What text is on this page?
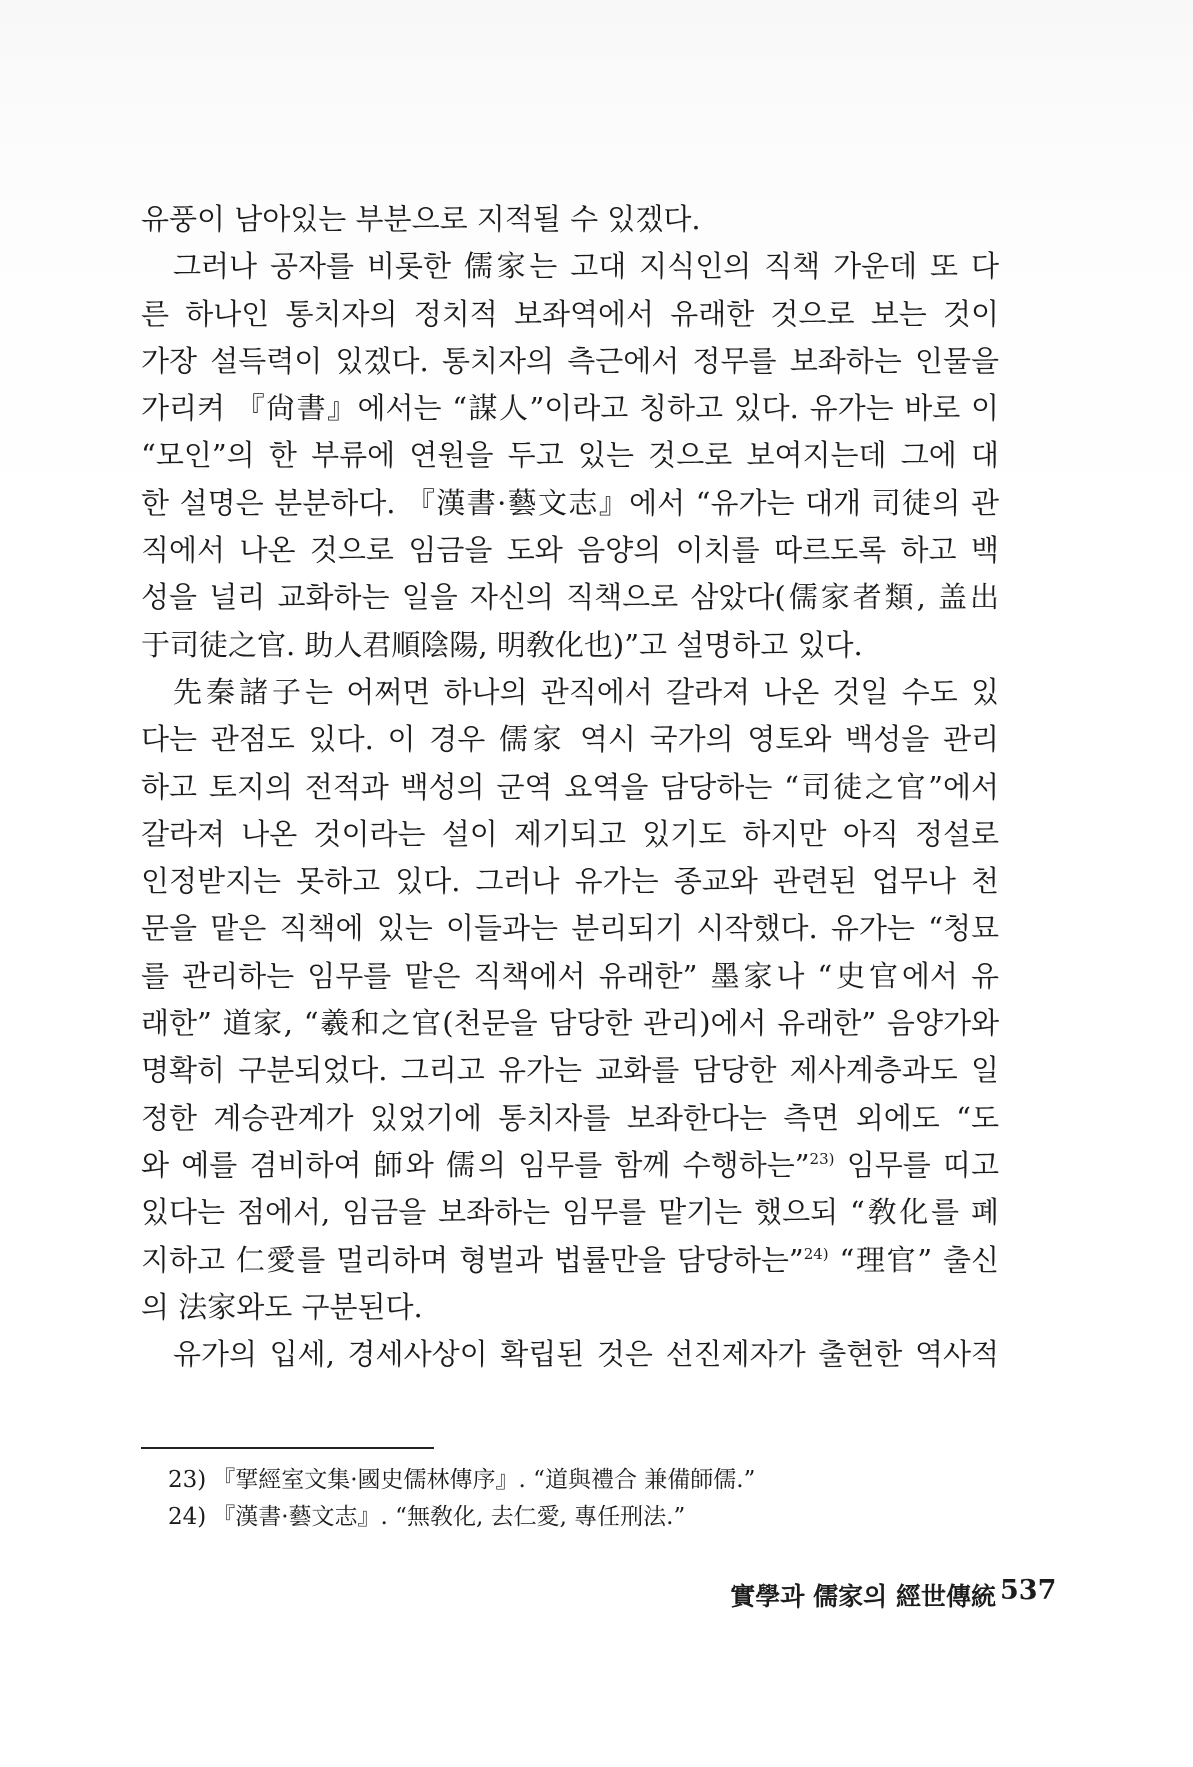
유풍이 남아있는 부분으로 지적될 수 있겠다.
그러나 공자를 비롯한 儒家는 고대 지식인의 직책 가운데 또 다
른 하나인 통치자의 정치적 보좌역에서 유래한 것으로 보는 것이
가장 설득력이 있겠다. 통치자의 측근에서 정무를 보좌하는 인물을
가리켜 『尙書』에서는 “謀人”이라고 칭하고 있다. 유가는 바로 이
“모인”의 한 부류에 연원을 두고 있는 것으로 보여지는데 그에 대
한 설명은 분분하다. 『漢書·藝文志』에서 “유가는 대개 司徒의 관
직에서 나온 것으로 임금을 도와 음양의 이치를 따르도록 하고 백
성을 널리 교화하는 일을 자신의 직책으로 삼았다(儒家者類, 盖出
于司徒之官. 助人君順陰陽, 明敎化也)”고 설명하고 있다.
先秦諸子는 어쩌면 하나의 관직에서 갈라져 나온 것일 수도 있
다는 관점도 있다. 이 경우 儒家 역시 국가의 영토와 백성을 관리
하고 토지의 전적과 백성의 군역 요역을 담당하는 “司徒之官”에서
갈라져 나온 것이라는 설이 제기되고 있기도 하지만 아직 정설로
인정받지는 못하고 있다. 그러나 유가는 종교와 관련된 업무나 천
문을 맡은 직책에 있는 이들과는 분리되기 시작했다. 유가는 “청묘
를 관리하는 임무를 맡은 직책에서 유래한” 墨家나 “史官에서 유
래한” 道家, “羲和之官(천문을 담당한 관리)에서 유래한” 음양가와
명확히 구분되었다. 그리고 유가는 교화를 담당한 제사계층과도 일
정한 계승관계가 있었기에 통치자를 보좌한다는 측면 외에도 “도
와 예를 겸비하여 師와 儒의 임무를 함께 수행하는”$^{23)}$ 임무를 띠고
있다는 점에서, 임금을 보좌하는 임무를 맡기는 했으되 “敎化를 폐
지하고 仁愛를 멀리하며 형벌과 법률만을 담당하는”$^{24)}$ “理官” 출신
의 法家와도 구분된다.
유가의 입세, 경세사상이 확립된 것은 선진제자가 출현한 역사적
23) 『揅經室文集·國史儒林傳序』. “道與禮合 兼備師儒.”
24) 『漢書·藝文志』. “無敎化, 去仁愛, 專任刑法.”
實學과 儒家의 經世傳統 537
